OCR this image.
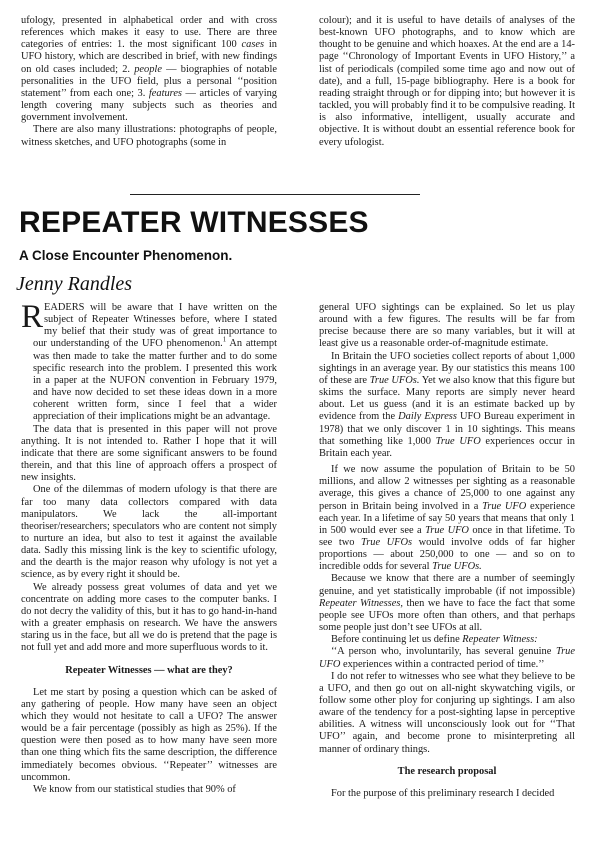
ufology, presented in alphabetical order and with cross references which makes it easy to use. There are three categories of entries: 1. the most significant 100 cases in UFO history, which are described in brief, with new findings on old cases included; 2. people — biographies of notable personalities in the UFO field, plus a personal ‘‘position statement’’ from each one; 3. features — articles of varying length covering many subjects such as theories and government involvement.

There are also many illustrations: photographs of people, witness sketches, and UFO photographs (some in

colour); and it is useful to have details of analyses of the best-known UFO photographs, and to know which are thought to be genuine and which hoaxes. At the end are a 14-page ‘‘Chronology of Important Events in UFO History,’’ a list of periodicals (compiled some time ago and now out of date), and a full, 15-page bibliography. Here is a book for reading straight through or for dipping into; but however it is tackled, you will probably find it to be compulsive reading. It is also informative, intelligent, usually accurate and objective. It is without doubt an essential reference book for every ufologist.

REPEATER WITNESSES
A Close Encounter Phenomenon.
Jenny Randles

READERS will be aware that I have written on the subject of Repeater Wtinesses before, where I stated my belief that their study was of great importance to our understanding of the UFO phenomenon.$^1$ An attempt was then made to take the matter further and to do some specific research into the problem. I presented this work in a paper at the NUFON convention in February 1979, and have now decided to set these ideas down in a more coherent written form, since I feel that a wider appreciation of their implications might be an advantage.

The data that is presented in this paper will not prove anything. It is not intended to. Rather I hope that it will indicate that there are some significant answers to be found therein, and that this line of approach offers a prospect of new insights.

One of the dilemmas of modern ufology is that there are far too many data collectors compared with data manipulators. We lack the all-important theoriser/researchers; speculators who are content not simply to nurture an idea, but also to test it against the available data. Sadly this missing link is the key to scientific ufology, and the dearth is the major reason why ufology is not yet a science, as by every right it should be.

We already possess great volumes of data and yet we concentrate on adding more cases to the computer banks. I do not decry the validity of this, but it has to go hand-in-hand with a greater emphasis on research. We have the answers staring us in the face, but all we do is pretend that the page is not full yet and add more and more superfluous words to it.

Repeater Witnesses — what are they?

Let me start by posing a question which can be asked of any gathering of people. How many have seen an object which they would not hesitate to call a UFO? The answer would be a fair percentage (possibly as high as 25%). If the question were then posed as to how many have seen more than one thing which fits the same description, the difference immediately becomes obvious. ‘‘Repeater’’ witnesses are uncommon.

We know from our statistical studies that 90% of

general UFO sightings can be explained. So let us play around with a few figures. The results will be far from precise because there are so many variables, but it will at least give us a reasonable order-of-magnitude estimate.

In Britain the UFO societies collect reports of about 1,000 sightings in an average year. By our statistics this means 100 of these are True UFOs. Yet we also know that this figure but skims the surface. Many reports are simply never heard about. Let us guess (and it is an estimate backed up by evidence from the Daily Express UFO Bureau experiment in 1978) that we only discover 1 in 10 sightings. This means that something like 1,000 True UFO experiences occur in Britain each year.

If we now assume the population of Britain to be 50 millions, and allow 2 witnesses per sighting as a reasonable average, this gives a chance of 25,000 to one against any person in Britain being involved in a True UFO experience each year. In a lifetime of say 50 years that means that only 1 in 500 would ever see a True UFO once in that lifetime. To see two True UFOs would involve odds of far higher proportions — about 250,000 to one — and so on to incredible odds for several True UFOs.

Because we know that there are a number of seemingly genuine, and yet statistically improbable (if not impossible) Repeater Witnesses, then we have to face the fact that some people see UFOs more often than others, and that perhaps some people just don’t see UFOs at all.

Before continuing let us define Repeater Witness:

‘‘A person who, involuntarily, has several genuine True UFO experiences within a contracted period of time.’’

I do not refer to witnesses who see what they believe to be a UFO, and then go out on all-night skywatching vigils, or follow some other ploy for conjuring up sightings. I am also aware of the tendency for a post-sighting lapse in perceptive abilities. A witness will unconsciously look out for ‘‘That UFO’’ again, and become prone to misinterpreting all manner of ordinary things.

The research proposal

For the purpose of this preliminary research I decided
